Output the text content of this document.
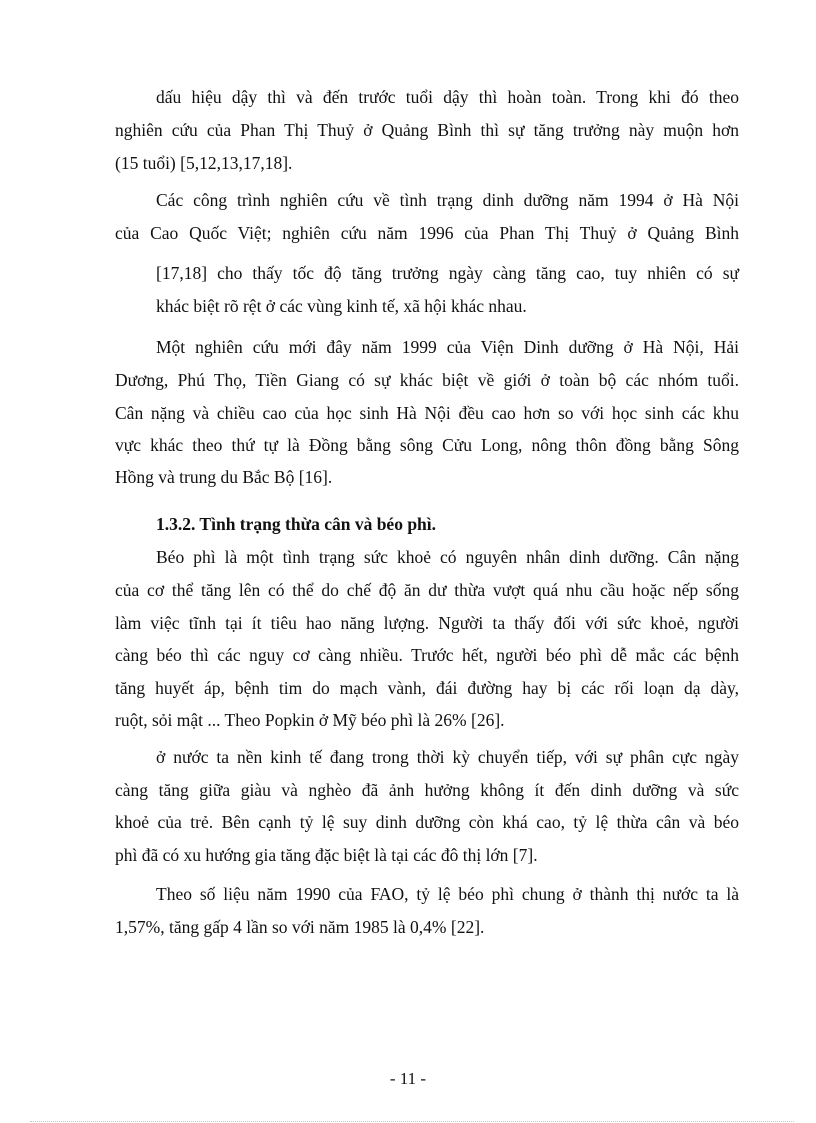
dấu hiệu dậy thì và đến trước tuổi dậy thì hoàn toàn. Trong khi đó theo

nghiên cứu của Phan Thị Thuỷ ở Quảng Bình thì sự tăng trưởng này muộn hơn

(15 tuổi) [5,12,13,17,18].

Các công trình nghiên cứu về tình trạng dinh dưỡng năm 1994 ở Hà Nội

của Cao Quốc Việt; nghiên cứu năm 1996 của Phan Thị Thuỷ ở Quảng Bình

[17,18] cho thấy tốc độ tăng trưởng ngày càng tăng cao, tuy nhiên có sự

khác biệt rõ rệt ở các vùng kinh tế, xã hội khác nhau.

Một nghiên cứu mới đây năm 1999 của Viện Dinh dưỡng ở Hà Nội, Hải

Dương, Phú Thọ, Tiền Giang có sự khác biệt về giới ở toàn bộ các nhóm tuổi.

Cân nặng và chiều cao của học sinh Hà Nội đều cao hơn so với học sinh các khu

vực khác theo thứ tự là Đồng bằng sông Cửu Long, nông thôn đồng bằng Sông

Hồng và trung du Bắc Bộ [16].

1.3.2. Tình trạng thừa cân và béo phì.

Béo phì là một tình trạng sức khoẻ có nguyên nhân dinh dưỡng. Cân nặng

của cơ thể tăng lên có thể do chế độ ăn dư thừa vượt quá nhu cầu hoặc nếp sống

làm việc tĩnh tại ít tiêu hao năng lượng. Người ta thấy đối với sức khoẻ, người

càng béo thì các nguy cơ càng nhiều. Trước hết, người béo phì dễ mắc các bệnh

tăng huyết áp, bệnh tim do mạch vành, đái đường hay bị các rối loạn dạ dày,

ruột, sỏi mật ... Theo Popkin ở Mỹ béo phì là 26% [26].

ở nước ta nền kinh tế đang trong thời kỳ chuyển tiếp, với sự phân cực ngày

càng tăng giữa giàu và nghèo đã ảnh hưởng không ít đến dinh dưỡng và sức

khoẻ của trẻ. Bên cạnh tỷ lệ suy dinh dưỡng còn khá cao, tỷ lệ thừa cân và béo

phì đã có xu hướng gia tăng đặc biệt là tại các đô thị lớn [7].

Theo số liệu năm 1990 của FAO, tỷ lệ béo phì chung ở thành thị nước ta là

1,57%, tăng gấp 4 lần so với năm 1985 là 0,4% [22].

- 11 -
